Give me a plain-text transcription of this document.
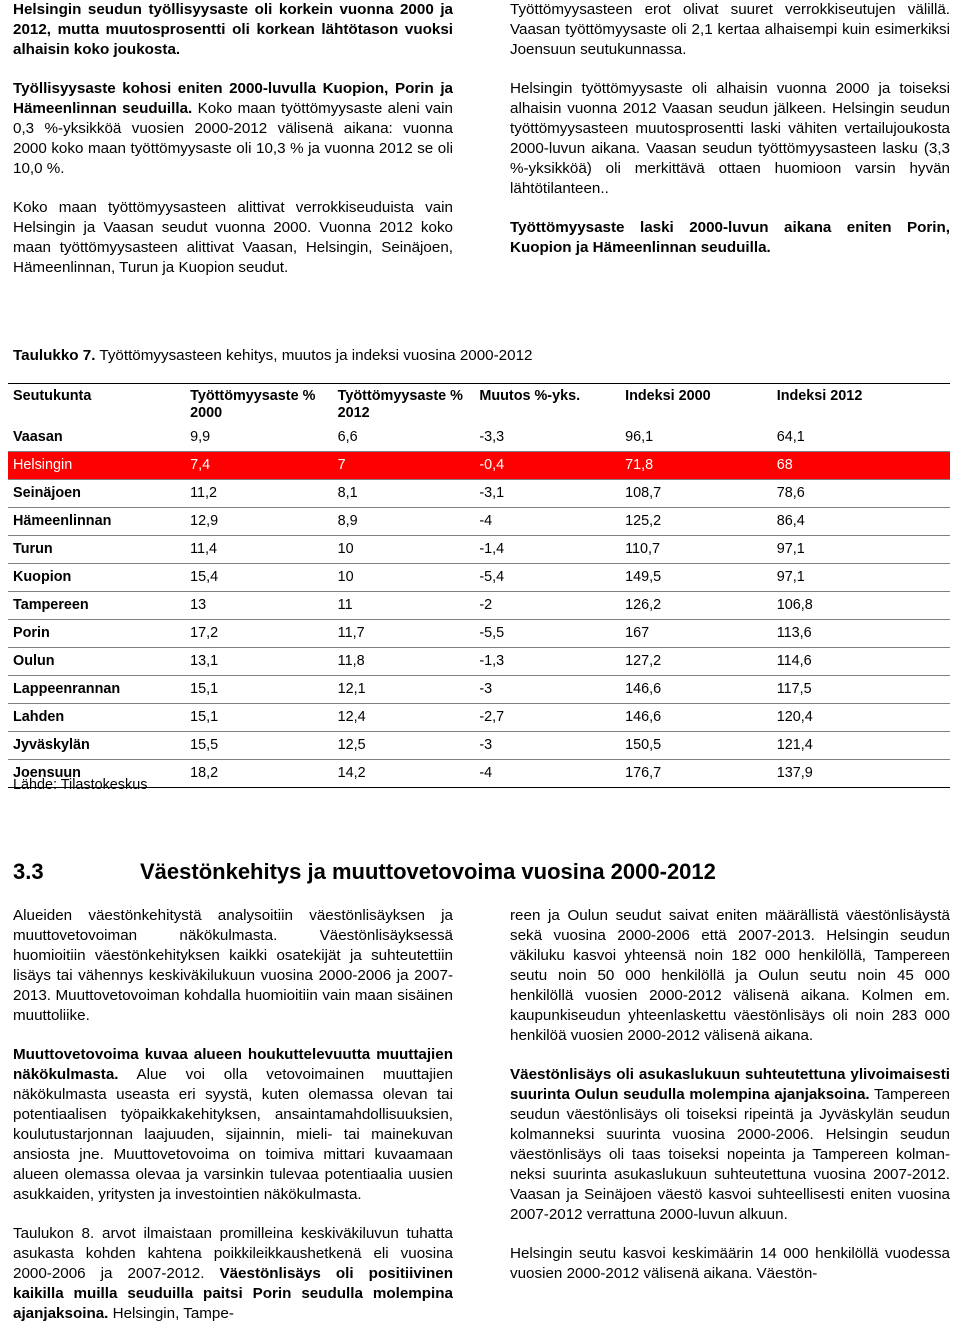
Helsingin seudun työllisyysaste oli korkein vuonna 2000 ja 2012, mutta muutosprosentti oli korkean lähtötason vuoksi alhaisin koko joukosta.

Työllisyysaste kohosi eniten 2000-luvulla Kuopion, Porin ja Hämeenlinnan seuduilla. Koko maan työttömyysaste aleni vain 0,3 %-yksikköä vuosien 2000-2012 välisenä aikana: vuonna 2000 koko maan työttömyysaste oli 10,3 % ja vuonna 2012 se oli 10,0 %.

Koko maan työttömyysasteen alittivat verrokkiseuduista vain Helsingin ja Vaasan seudut vuonna 2000. Vuonna 2012 koko maan työttömyysasteen alittivat Vaasan, Helsingin, Seinäjoen, Hämeenlinnan, Turun ja Kuopion seudut.

Työttömyysasteen erot olivat suuret verrokkiseutujen välillä. Vaasan työttömyysaste oli 2,1 kertaa alhaisempi kuin esimerkiksi Joensuun seutukunnassa.

Helsingin työttömyysaste oli alhaisin vuonna 2000 ja toiseksi alhaisin vuonna 2012 Vaasan seudun jälkeen. Helsingin seudun työttömyysasteen muutosprosentti laski vähiten vertailujoukosta 2000-luvun aikana. Vaasan seudun työttömyysasteen lasku (3,3 %-yksikköä) oli merkittävä ottaen huomioon varsin hyvän lähtötilanteen..

Työttömyysaste laski 2000-luvun aikana eniten Porin, Kuopion ja Hämeenlinnan seuduilla.

Taulukko 7. Työttömyysasteen kehitys, muutos ja indeksi vuosina 2000-2012
Seutukunta	Työttömyysaste % 2000	Työttömyysaste % 2012	Muutos %-yks.	Indeksi 2000	Indeksi 2012
Vaasan	9,9	6,6	-3,3	96,1	64,1
Helsingin	7,4	7	-0,4	71,8	68
Seinäjoen	11,2	8,1	-3,1	108,7	78,6
Hämeenlinnan	12,9	8,9	-4	125,2	86,4
Turun	11,4	10	-1,4	110,7	97,1
Kuopion	15,4	10	-5,4	149,5	97,1
Tampereen	13	11	-2	126,2	106,8
Porin	17,2	11,7	-5,5	167	113,6
Oulun	13,1	11,8	-1,3	127,2	114,6
Lappeenrannan	15,1	12,1	-3	146,6	117,5
Lahden	15,1	12,4	-2,7	146,6	120,4
Jyväskylän	15,5	12,5	-3	150,5	121,4
Joensuun	18,2	14,2	-4	176,7	137,9
Lähde: Tilastokeskus
3.3	Väestönkehitys ja muuttovetovoima vuosina 2000-2012

Alueiden väestönkehitystä analysoitiin väestönlisäyksen ja muuttovetovoiman näkökulmasta. Väestönlisäyksessä huomioitiin väestönkehityksen kaikki osatekijät ja suhteutettiin lisäys tai vähennys keskiväkilukuun vuosina 2000-2006 ja 2007-2013. Muuttovetovoiman kohdalla huomioitiin vain maan sisäinen muuttoliike.

Muuttovetovoima kuvaa alueen houkuttelevuutta muuttajien näkökulmasta. Alue voi olla vetovoimainen muuttajien näkökulmasta useasta eri syystä, kuten olemassa olevan tai potentiaalisen työpaikkakehityksen, ansaintamahdollisuuksien, koulutustarjonnan laajuuden, sijainnin, mieli- tai mainekuvan ansiosta jne. Muuttovetovoima on toimiva mittari kuvaamaan alueen olemassa olevaa ja varsinkin tulevaa potentiaalia uusien asukkaiden, yritysten ja investointien näkökulmasta.

Taulukon 8. arvot ilmaistaan promilleina keskiväkiluvun tuhatta asukasta kohden kahtena poikkileikkaushetkenä eli vuosina 2000-2006 ja 2007-2012. Väestönlisäys oli positiivinen kaikilla muilla seuduilla paitsi Porin seudulla molempina ajanjaksoina. Helsingin, Tampe-

reen ja Oulun seudut saivat eniten määrällistä väestönlisäystä sekä vuosina 2000-2006 että 2007-2013. Helsingin seudun väkiluku kasvoi yhteensä noin 182 000 henkilöllä, Tampereen seutu noin 50 000 henkilöllä ja Oulun seutu noin 45 000 henkilöllä vuosien 2000-2012 välisenä aikana. Kolmen em. kaupunkiseudun yhteenlaskettu väestönlisäys oli noin 283 000 henkilöä vuosien 2000-2012 välisenä aikana.

Väestönlisäys oli asukaslukuun suhteutettuna ylivoimaisesti suurinta Oulun seudulla molempina ajanjaksoina. Tampereen seudun väestönlisäys oli toiseksi ripeintä ja Jyväskylän seudun kolmanneksi suurinta vuosina 2000-2006. Helsingin seudun väestönlisäys oli taas toiseksi nopeinta ja Tampereen kolmanneksi suurinta asukaslukuun suhteutettuna vuosina 2007-2012. Vaasan ja Seinäjoen väestö kasvoi suhteellisesti eniten vuosina 2007-2012 verrattuna 2000-luvun alkuun.

Helsingin seutu kasvoi keskimäärin 14 000 henkilöllä vuodessa vuosien 2000-2012 välisenä aikana. Väestön-
